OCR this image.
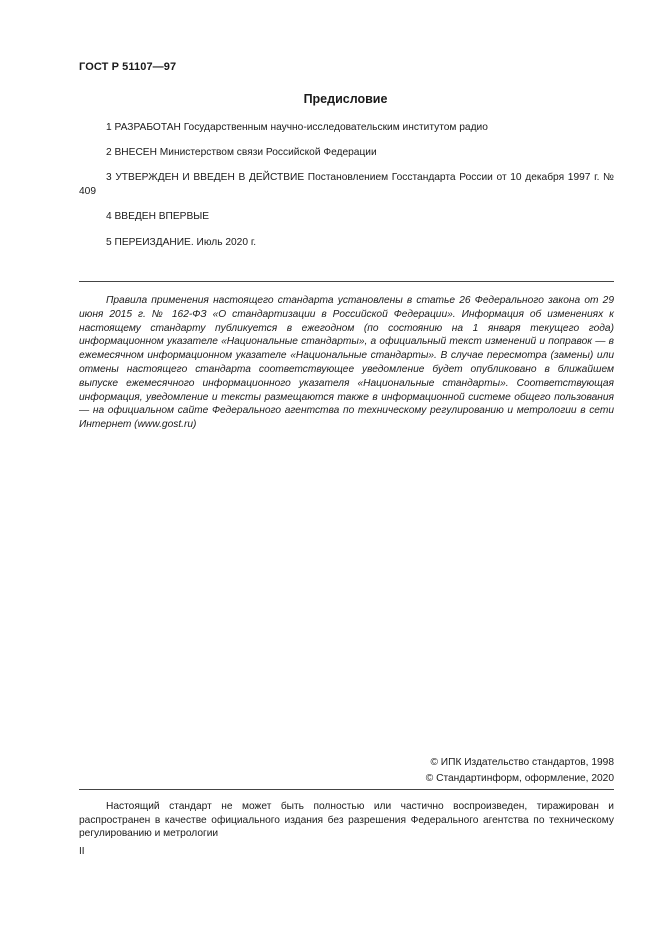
ГОСТ Р 51107—97
Предисловие
1 РАЗРАБОТАН Государственным научно-исследовательским институтом радио
2 ВНЕСЕН Министерством связи Российской Федерации
3 УТВЕРЖДЕН И ВВЕДЕН В ДЕЙСТВИЕ Постановлением Госстандарта России от 10 декабря 1997 г. № 409
4 ВВЕДЕН ВПЕРВЫЕ
5 ПЕРЕИЗДАНИЕ. Июль 2020 г.
Правила применения настоящего стандарта установлены в статье 26 Федерального закона от 29 июня 2015 г. № 162-ФЗ «О стандартизации в Российской Федерации». Информация об изменениях к настоящему стандарту публикуется в ежегодном (по состоянию на 1 января текущего года) информационном указателе «Национальные стандарты», а официальный текст изменений и поправок — в ежемесячном информационном указателе «Национальные стандарты». В случае пересмотра (замены) или отмены настоящего стандарта соответствующее уведомление будет опубликовано в ближайшем выпуске ежемесячного информационного указателя «Национальные стандарты». Соответствующая информация, уведомление и тексты размещаются также в информационной системе общего пользования — на официальном сайте Федерального агентства по техническому регулированию и метрологии в сети Интернет (www.gost.ru)
© ИПК Издательство стандартов, 1998
© Стандартинформ, оформление, 2020
Настоящий стандарт не может быть полностью или частично воспроизведен, тиражирован и распространен в качестве официального издания без разрешения Федерального агентства по техническому регулированию и метрологии
II
